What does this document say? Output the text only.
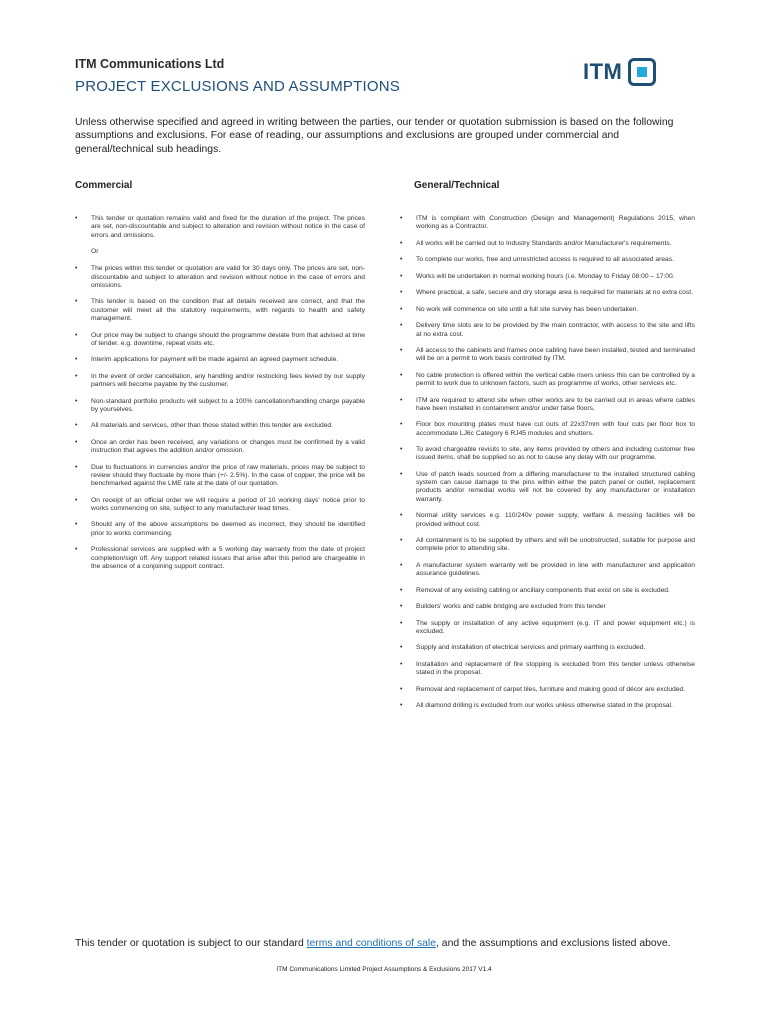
ITM Communications Ltd
PROJECT EXCLUSIONS AND ASSUMPTIONS
ITM
Unless otherwise specified and agreed in writing between the parties, our tender or quotation submission is based on the following assumptions and exclusions. For ease of reading, our assumptions and exclusions are grouped under commercial and general/technical sub headings.
Commercial	General/Technical
• This tender or quotation remains valid and fixed for the duration of the project. The prices are set, non-discountable and subject to alteration and revision without notice in the case of errors and omissions.
Or
• The prices within this tender or quotation are valid for 30 days only. The prices are set, non-discountable and subject to alteration and revision without notice in the case of errors and omissions.
• This tender is based on the condition that all details received are correct, and that the customer will meet all the statutory requirements, with regards to health and safety management.
• Our price may be subject to change should the programme deviate from that advised at time of tender. e.g. downtime, repeat visits etc.
• Interim applications for payment will be made against an agreed payment schedule.
• In the event of order cancellation, any handling and/or restocking fees levied by our supply partners will become payable by the customer.
• Non-standard portfolio products will subject to a 100% cancellation/handling charge payable by yourselves.
• All materials and services, other than those stated within this tender are excluded.
• Once an order has been received, any variations or changes must be confirmed by a valid instruction that agrees the addition and/or omission.
• Due to fluctuations in currencies and/or the price of raw materials, prices may be subject to review should they fluctuate by more than (+/- 2.5%). In the case of copper, the price will be benchmarked against the LME rate at the date of our quotation.
• On receipt of an official order we will require a period of 10 working days' notice prior to works commencing on site, subject to any manufacturer lead times.
• Should any of the above assumptions be deemed as incorrect, they should be identified prior to works commencing.
• Professional services are supplied with a 5 working day warranty from the date of project completion/sign off. Any support related issues that arise after this period are chargeable in the absence of a conjoining support contract.
• ITM is compliant with Construction (Design and Management) Regulations 2015, when working as a Contractor.
• All works will be carried out to Industry Standards and/or Manufacturer's requirements.
• To complete our works, free and unrestricted access is required to all associated areas.
• Works will be undertaken in normal working hours (i.e. Monday to Friday 08:00 – 17:00.
• Where practical, a safe, secure and dry storage area is required for materials at no extra cost.
• No work will commence on site until a full site survey has been undertaken.
• Delivery time slots are to be provided by the main contractor, with access to the site and lifts at no extra cost.
• All access to the cabinets and frames once cabling have been installed, tested and terminated will be on a permit to work basis controlled by ITM.
• No cable protection is offered within the vertical cable risers unless this can be controlled by a permit to work due to unknown factors, such as programme of works, other services etc.
• ITM are required to attend site when other works are to be carried out in areas where cables have been installed in containment and/or under false floors.
• Floor box mounting plates must have cut outs of 22x37mm with four cuts per floor box to accommodate LJ6c Category 6 RJ45 modules and shutters.
• To avoid chargeable revisits to site, any items provided by others and including customer free issued items, shall be supplied so as not to cause any delay with our programme.
• Use of patch leads sourced from a differing manufacturer to the installed structured cabling system can cause damage to the pins within either the patch panel or outlet, replacement products and/or remedial works will not be covered by any manufacturer or installation warranty.
• Normal utility services e.g. 110/240v power supply, welfare & messing facilities will be provided without cost.
• All containment is to be supplied by others and will be unobstructed, suitable for purpose and complete prior to attending site.
• A manufacturer system warranty will be provided in line with manufacturer and application assurance guidelines.
• Removal of any existing cabling or ancillary components that exist on site is excluded.
• Builders' works and cable bridging are excluded from this tender
• The supply or installation of any active equipment (e.g. IT and power equipment etc.) is excluded.
• Supply and installation of electrical services and primary earthing is excluded.
• Installation and replacement of fire stopping is excluded from this tender unless otherwise stated in the proposal.
• Removal and replacement of carpet tiles, furniture and making good of décor are excluded.
• All diamond drilling is excluded from our works unless otherwise stated in the proposal.
This tender or quotation is subject to our standard terms and conditions of sale, and the assumptions and exclusions listed above.
ITM Communications Limited Project Assumptions & Exclusions 2017 V1.4
